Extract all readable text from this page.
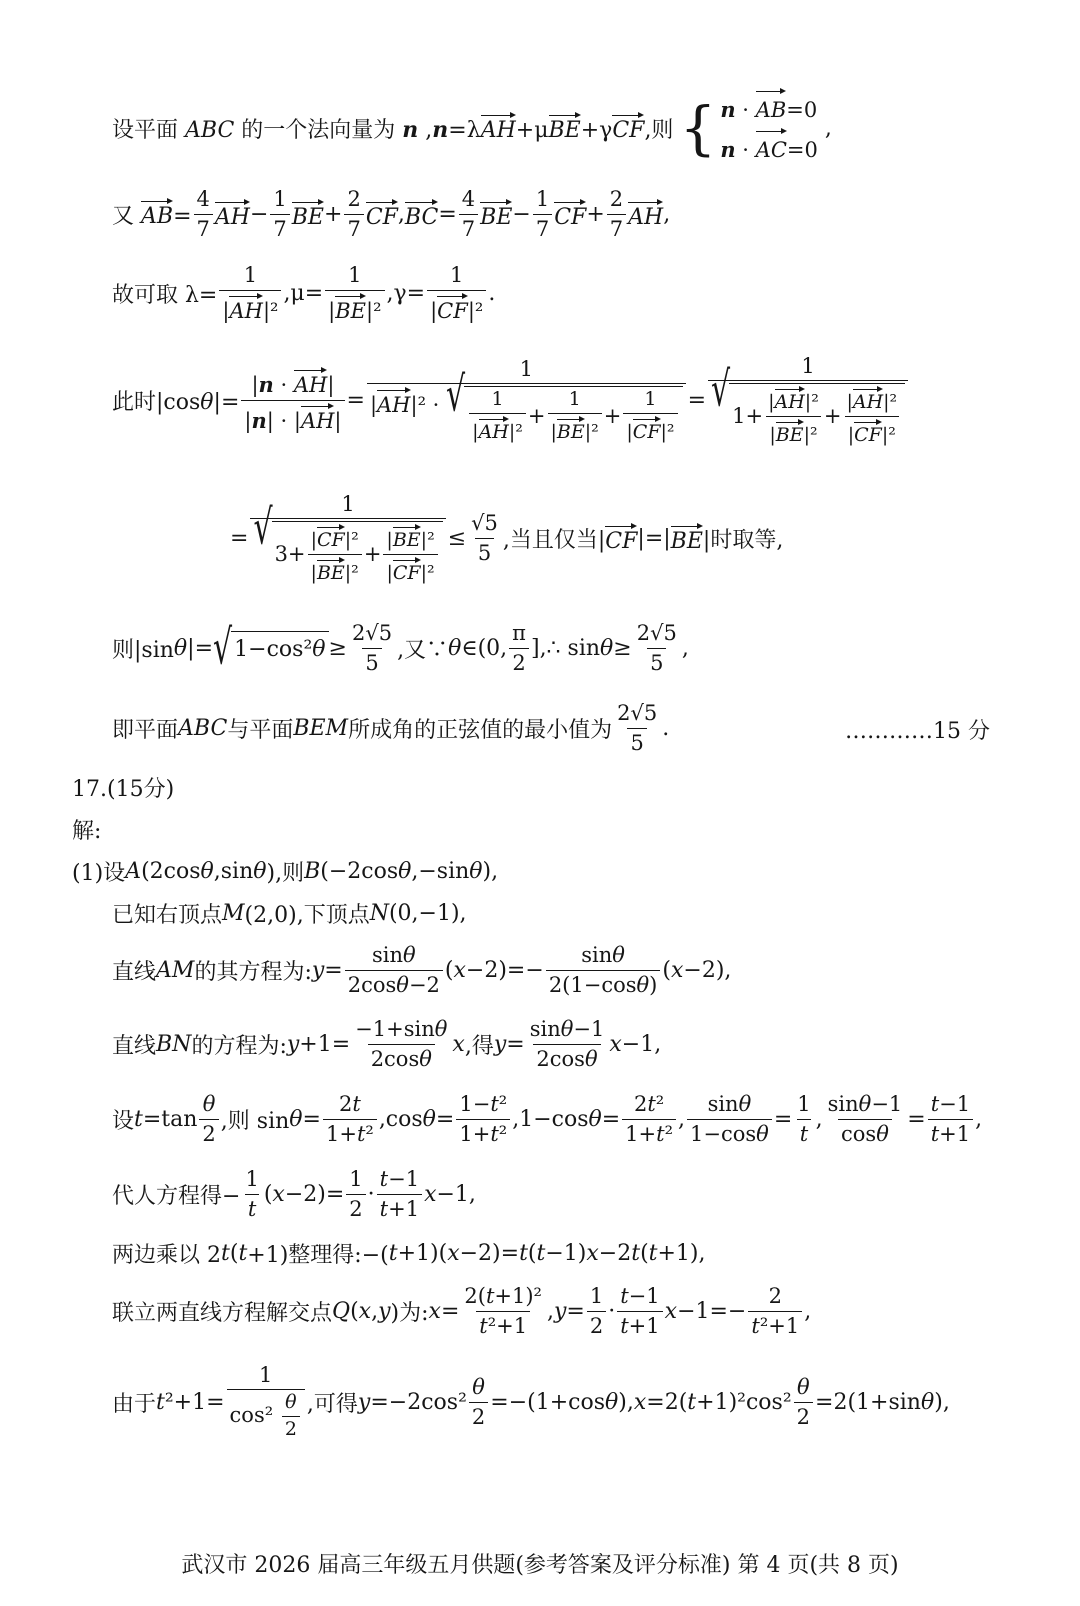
设平面 ABC 的一个法向量为 n ,n=λAH+μBE+γCF,则 { n · AB=0
n · AC=0
,
又 $AB= \frac{4}{7}$ AH − $\frac{1}{7}$ BE + $\frac{2}{7}$ CF , BC = $\frac{4}{7}$ BE − $\frac{1}{7}$ CF + $\frac{2}{7}$ AH ,
故可取 $\lambda= \frac{1}{\text{|AH|²}} ,\mu= \frac{1}{\text{|BE|²}} ,\gamma= \frac{1}{\text{|CF|²}}$ .
此时$|\cos\theta|= \frac{|n \cdot AH|}{|n| \cdot |AH|}$ =
1
|AH|² · √ $\frac{1}{\text{|AH|²}} + \frac{1}{\text{|BE|²}} + \frac{1}{\text{|CF|²}} = \frac{1}{√ 1+ \frac{\text{|AH|²}}{\text{|BE|²}} + \frac{\text{|AH|²}}{\text{|CF|²}}}$
= $\frac{1}{√ 3+ \frac{\text{|CF|²}}{\text{|BE|²}} + \frac{\text{|BE|²}}{\text{|CF|²}}} \le \frac{√5}{5}$ ,当且仅当| CF |=| BE |时取等,
则|sin θ |= √ 1−cos² $\theta \ge \frac{2√5}{5}$ ,又∵ θ ∈(0, $\frac{\pi}{2}$ ],∴ $\sin \theta \ge \frac{2√5}{5}$ ,
即平面 ABC 与平面 BEM 所成角的正弦值的最小值为 $\frac{2√5}{5}$ .	…………15 分
17.(15分)
解:
(1)设 A (2cos θ ,sin θ ),则 B (−2cos θ ,−sin θ ),
已知右顶点 M (2,0),下顶点 N (0,−1),
直线 AM 的其方程为: $y = \frac{\sin\theta}{2\cos\theta-2}$ ( $x -2)=- \frac{\sin\theta}{2(1-\cos\theta)}$ ( x −2),
直线 BN 的方程为: $y +1= \frac{-1+\sin\theta}{2\cos\theta}$ x ,得 $y = \frac{\sin\theta-1}{2\cos\theta}$ x −1,
设 $t =\tan \frac{\theta}{2}$ ,则 $\sin \theta = \frac{2t}{\text{1+t²}} ,\cos$ $\theta = \frac{\text{1−t²}}{\text{1+t²}} ,1-\cos$ $\theta = \frac{\text{2t²}}{\text{1+t²}}$ , $\frac{\sin\theta}{1-\cos\theta} = \frac{1}{t}$ , $\frac{\sin\theta-1}{\cos\theta} = \frac{t-1}{t+1}$ ,
代人方程得− $\frac{1}{t}$ ( $x -2)= \frac{1}{2} \cdot \frac{t-1}{t+1}$ x −1,
两边乘以 2 t ( t +1)整理得:−( t +1)( x −2)= t ( t −1) x −2 t ( t +1),
联立两直线方程解交点 Q ( x , y )为: $x = \frac{\text{2(t+1)²}}{\text{t²+1}}$ , $y = \frac{1}{2} \cdot \frac{t-1}{t+1}$ $x -1=- \frac{2}{\text{t²+1}}$ ,
由于 t $^2+1= \frac{1}{\cos^2 \frac{\theta}{2}}$ ,可得 $y =-2\cos^2 \frac{\theta}{2} =-(1+\cos$ θ ), x =2( $t +1)^2\cos^2 \frac{\theta}{2} =2(1+\sin$ θ ),
武汉市 2026 届高三年级五月供题(参考答案及评分标准) 第 4 页(共 8 页)
